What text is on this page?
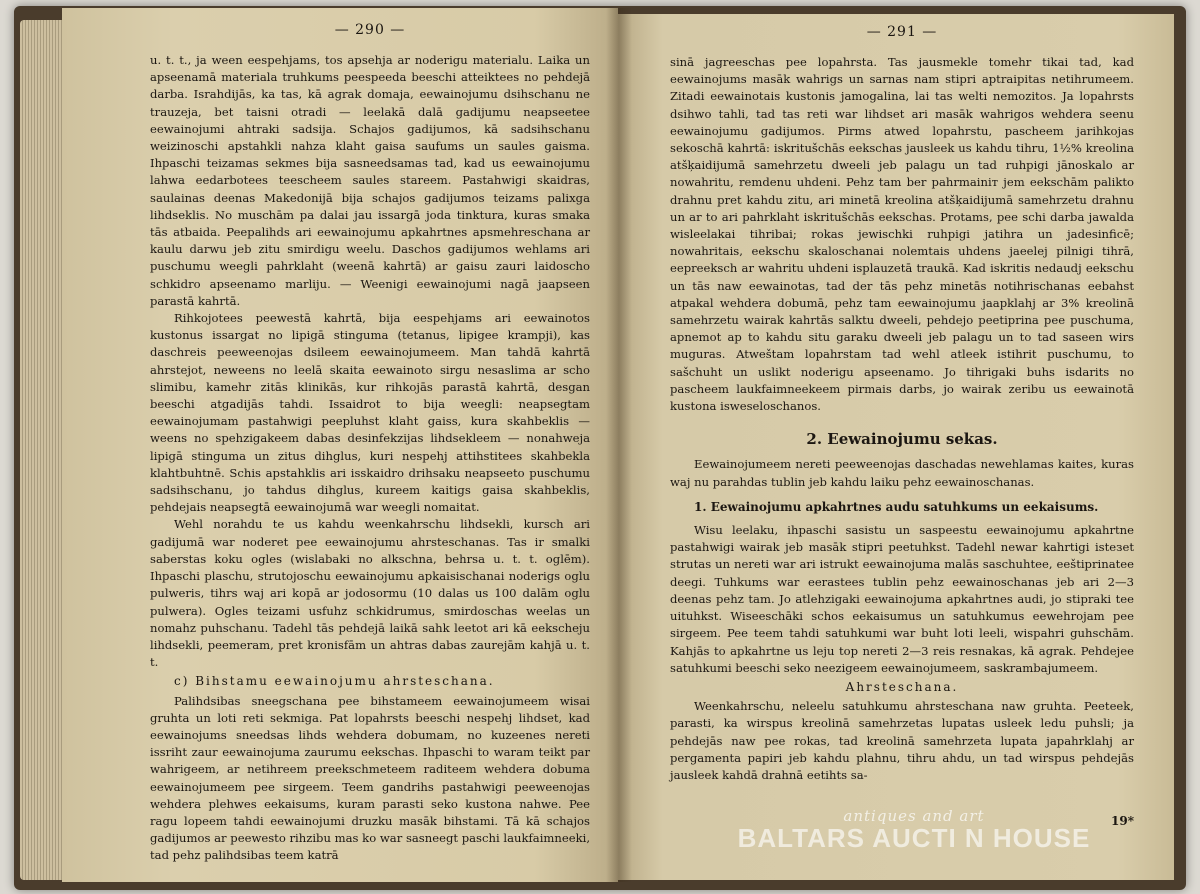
— 290 —

u. t. t., ja ween eespehjams, tos apsehja ar noderigu materialu. Laika un apseenamā materiala truhkums peespeeda beeschi atteiktees no pehdejā darba. Israhdijās, ka tas, kā agrak domaja, eewainojumu dsihschanu ne trauzeja, bet taisni otradi — leelakā dalā gadijumu neapseetee eewainojumi ahtraki sadsija. Schajos gadijumos, kā sadsihschanu weizinoschi apstahkli nahza klaht gaisa saufums un saules gaisma. Ihpaschi teizamas sekmes bija sasneedsamas tad, kad us eewainojumu lahwa eedarbotees teeschеem saules stareem. Pastahwigi skaidras, saulainas deenas Makedonijā bija schajos gadijumos teizams paliхga lihdseklis. No muschām pa dalai jau issargā joda tinktura, kuras smaka tās atbaida. Peepalihds ari eewainojumu apkahrtnes apsmehreschana ar kaulu darwu jeb zitu smirdigu weelu. Daschos gadijumos wehlams ari puschumu weegli pahrklaht (weenā kahrtā) ar gaisu zauri laidoscho schkidro apseenamo marliju. — Weenigi eewainojumi nagā jaapseen parastā kahrtā.

Rihkojotees peewestā kahrtā, bija eespehjams ari eewainotos kustonus issargat no lipigā stinguma (tetanus, lipigee krampji), kas daschreis peewеenojas dsileem eewainojumeem. Man tahdā kahrtā ahrstejot, neweens no leelā skaita eewainoto sirgu nesaslima ar scho slimibu, kamehr zitās klinikās, kur rihkojās parastā kahrtā, desgan beeschi atgadijās tahdi. Issaidrot to bija weegli: neapsegtam eewainojumam pastahwigi peepluhst klaht gaiss, kura skahbeklis — weens no spehzigakeem dabas desinfekzijas lihdsekleem — nonahwеja lipigā stinguma un zitus dihglus, kuri nespehj attihstitees skahbekla klahtbuhtnē. Schis apstahklis ari isskaidro drihsaku neapseeto puschumu sadsihschanu, jo tahdus dihglus, kureem kaitigs gaisa skahbeklis, pehdejais neapsegtā eewainojumā war weegli nomaitat.

Wehl norahdu te us kahdu weenkahrschu lihdsekli, kursch ari gadijumā war noderet pee eewainojumu ahrsteschanas. Tas ir smalki saberstas koku ogles (wislabaki no alkschna, behrsa u. t. t. oglēm). Ihpaschi plaschu, strutojoschu eewainojumu apkaisischanai noderigs oglu pulweris, tihrs waj ari kopā ar jodosormu (10 dalas us 100 dalām oglu pulwera). Ogles teizami usfuhz schkidrumus, smirdoschas weelas un nomahz puhschanu. Tadehl tās pehdejā laikā sahk leetot ari kā eekscheju lihdsekli, peemeram, pret kronisfām un ahtras dabas zaurejām kahjā u. t. t.

c) Bihstamu eewainojumu ahrsteschana.

Palihdsibas sneegschana pee bihstameem eewainojumeem wisai gruhta un loti reti sekmiga. Pat lopahrsts beeschi nespehj lihdset, kad eewainojums sneedsas lihds wehdera dobumam, no kuzeenes nereti issriht zaur eewainojuma zaurumu eekschas. Ihpaschi to waram teikt par wahrigeem, ar netihreem preekschmeteem raditeem wehdera dobuma eewainojumeem pee sirgeem. Teem gandrihs pastahwigi peewеenojas wehdera plehwes eekaisums, kuram parasti seko kustona nahwe. Pee ragu lopeem tahdi eewainojumi druzku masāk bihstami. Tā kā schajos gadijumos ar peewesto rihzibu mas ko war sasneegt paschi laukfaimneeki, tad pehz palihdsibas teem katrā

— 291 —

sinā jagreeschas pee lopahrsta. Tas jausmekle tomehr tikai tad, kad eewainojums masāk wahrigs un sarnas nam stipri aptraipitas netihrumeem. Zitadi eewainotais kustonis jamogalina, lai tas welti nemozitos. Ja lopahrsts dsihwo tahli, tad tas reti war lihdset ari masāk wahrigos wehdera seenu eewainojumu gadijumos. Pirms atwed lopahrstu, paschеem jarihkojas sekoschā kahrtā: iskritušchās eekschas jausleek us kahdu tihru, 1½% kreolina atšķaidijumā samehrzetu dweeli jeb palagu un tad ruhpigi jānoskalo ar nowahritu, remdenu uhdeni. Pehz tam ber pahrmainiт jem eekschām palikto drahnu pret kahdu zitu, ari minetā kreolina atšķaidijumā samehrzetu drahnu un ar to ari pahrklaht iskritušchās eekschas. Protams, pee schi darba jawalda wisleelakai tihribai; rokas jewischki ruhpigi jatihra un jadesinficē; nowahritais, eekschu skaloschanai nolemtais uhdens jaeelej pilnigi tihrā, eepreeksch ar wahritu uhdeni isplauzetā traukā. Kad iskritis nedaudj eekschu un tās naw eewainotas, tad der tās pehz minetās notihrischanas eebahst atpakal wehdera dobumā, pehz tam eewainojumu jaapklahj ar 3% kreolinā samehrzetu wairak kahrtās salktu dweeli, pehdejo peetiprina pee puschuma, apnemot ap to kahdu situ garaku dweeli jeb palagu un to tad saseen wirs muguras. Atweštam lopahrstam tad wehl atleek istihrit puschumu, to sašchuht un uslikt noderigu apseenamo. Jo tihrigaki buhs isdarits no paschеem laukfaimneekeem pirmais darbs, jo wairak zeribu us eewainotā kustona isweseloschanos.

2. Eewainojumu sekas.

Eewainojumeem nereti peewеenojas daschadas newehlamas kaites, kuras waj nu parahdas tublin jeb kahdu laiku pehz eewainoschanas.

1. Eewainojumu apkahrtnes audu satuhkums un eekaisums.

Wisu leelaku, ihpaschi sasistu un saspeestu eewainojumu apkahrtne pastahwigi wairak jeb masāk stipri peetuhkst. Tadehl newar kahrtigi isteзet strutas un nereti war ari istrukt eewainojuma malās saschuhtee, eeštiprinatee deegi. Tuhkums war eerastees tublin pehz eewainoschanas jeb ari 2—3 deenas pehz tam. Jo atlehzigaki eewainojuma apkahrtnes audi, jo stipraki tee uituhkst. Wiseeschāki schos eekaisumus un satuhkumus eewehrojam pee sirgeem. Pee teem tahdi satuhkumi war buht loti leeli, wispahri guhschām. Kahjās to apkahrtne us leju top nereti 2—3 reis resnakas, kā agrak. Pehdejee satuhkumi beeschi seko neezigeem eewainojumeem, saskrambajumeem.

Ahrsteschana.

Weenkahrschu, neleelu satuhkumu ahrsteschana naw gruhta. Peeteek, parasti, ka wirspus kreolinā samehrzetas lupatas usleek ledu puhsli; ja pehdejās naw pee rokas, tad kreolinā samehrzeta lupata japahrklahj ar pergamenta papiri jeb kahdu plahnu, tihru ahdu, un tad wirspus pehdejās jausleek kahdā drahnā eetihts sa-

19*
antiques and art
BALTARS AUCTI N HOUSE
